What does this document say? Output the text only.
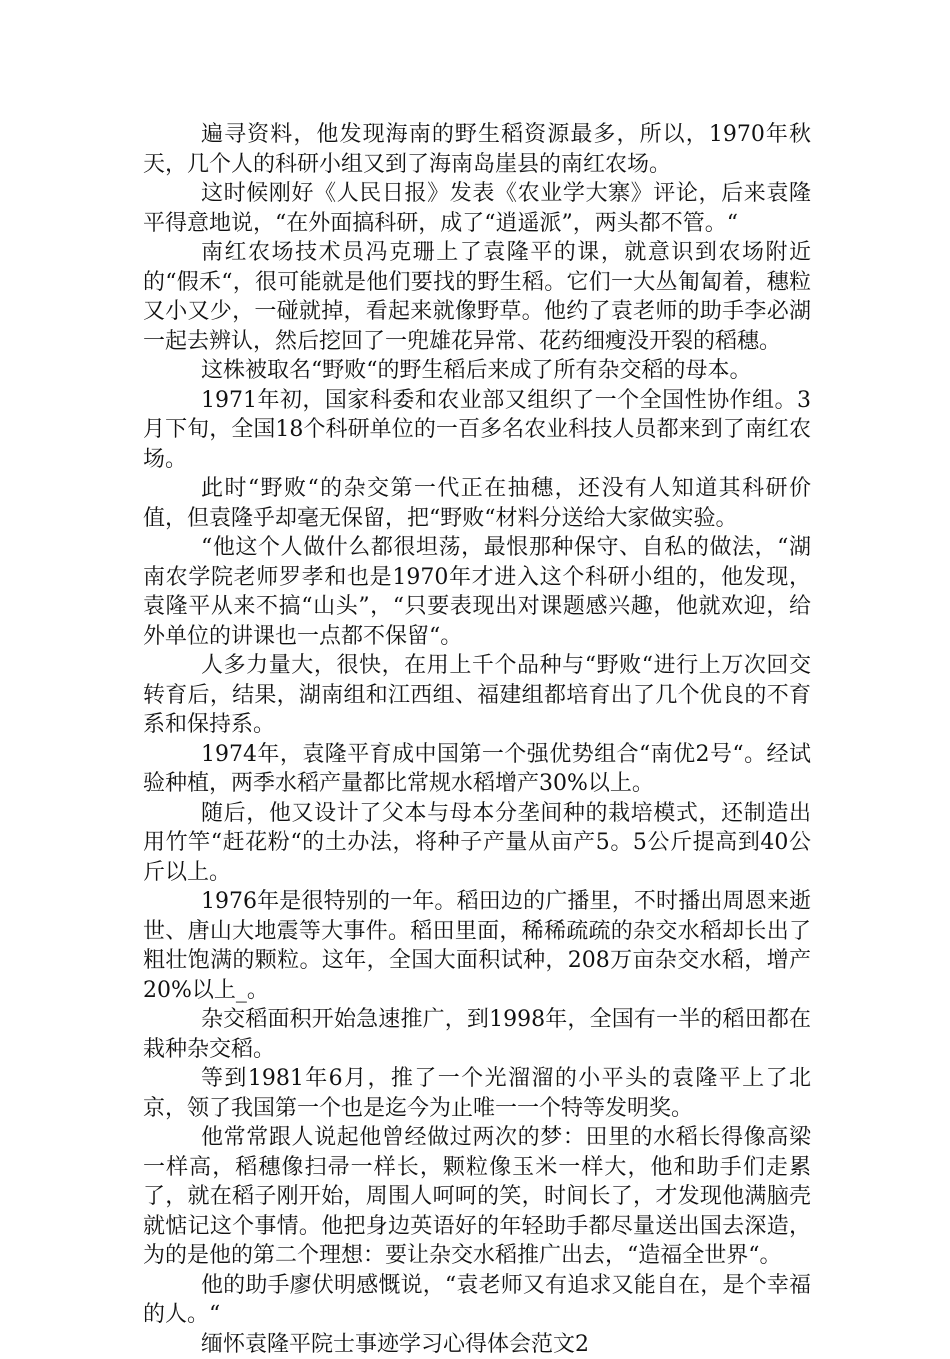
遍寻资料，他发现海南的野生稻资源最多，所以，1970年秋天，几个人的科研小组又到了海南岛崖县的南红农场。

这时候刚好《人民日报》发表《农业学大寨》评论，后来袁隆平得意地说，“在外面搞科研，成了“逍遥派”，两头都不管。“

南红农场技术员冯克珊上了袁隆平的课，就意识到农场附近的“假禾“，很可能就是他们要找的野生稻。它们一大丛匍匐着，穗粒又小又少，一碰就掉，看起来就像野草。他约了袁老师的助手李必湖一起去辨认，然后挖回了一兜雄花异常、花药细瘦没开裂的稻穗。

这株被取名“野败“的野生稻后来成了所有杂交稻的母本。

1971年初，国家科委和农业部又组织了一个全国性协作组。3月下旬，全国18个科研单位的一百多名农业科技人员都来到了南红农场。

此时“野败“的杂交第一代正在抽穗，还没有人知道其科研价值，但袁隆乎却毫无保留，把“野败“材料分送给大家做实验。

“他这个人做什么都很坦荡，最恨那种保守、自私的做法，“湖南农学院老师罗孝和也是1970年才进入这个科研小组的，他发现，袁隆平从来不搞“山头”，“只要表现出对课题感兴趣，他就欢迎，给外单位的讲课也一点都不保留“。

人多力量大，很快，在用上千个品种与“野败“进行上万次回交转育后，结果，湖南组和江西组、福建组都培育出了几个优良的不育系和保持系。

1974年，袁隆平育成中国第一个强优势组合“南优2号“。经试验种植，两季水稻产量都比常规水稻增产30%以上。

随后，他又设计了父本与母本分垄间种的栽培模式，还制造出用竹竿“赶花粉“的土办法，将种子产量从亩产5。5公斤提高到40公斤以上。

1976年是很特别的一年。稻田边的广播里，不时播出周恩来逝世、唐山大地震等大事件。稻田里面，稀稀疏疏的杂交水稻却长出了粗壮饱满的颗粒。这年，全国大面积试种，208万亩杂交水稻，增产20%以上_。

杂交稻面积开始急速推广，到1998年，全国有一半的稻田都在栽种杂交稻。

等到1981年6月，推了一个光溜溜的小平头的袁隆平上了北京，领了我国第一个也是迄今为止唯一一个特等发明奖。

他常常跟人说起他曾经做过两次的梦：田里的水稻长得像高梁一样高，稻穗像扫帚一样长，颗粒像玉米一样大，他和助手们走累了，就在稻子刚开始，周围人呵呵的笑，时间长了，才发现他满脑壳就惦记这个事情。他把身边英语好的年轻助手都尽量送出国去深造，为的是他的第二个理想：要让杂交水稻推广出去，“造福全世界“。

他的助手廖伏明感慨说，“袁老师又有追求又能自在，是个幸福的人。“

缅怀袁隆平院士事迹学习心得体会范文2
